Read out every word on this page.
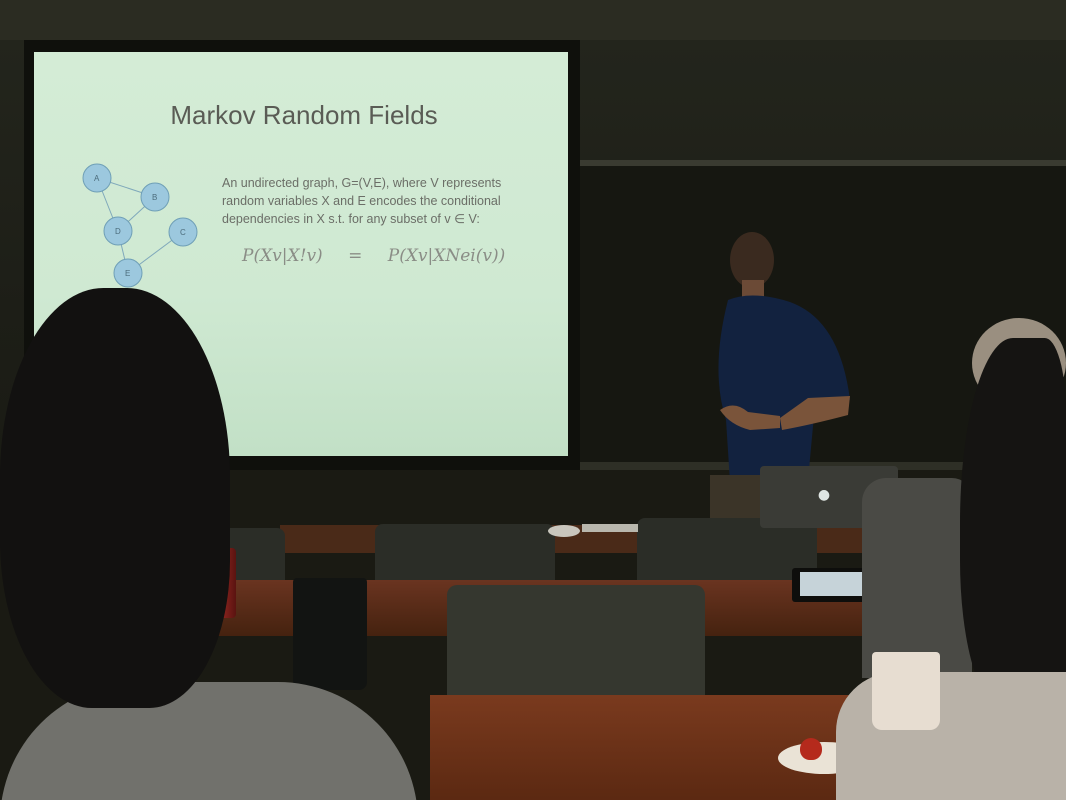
Markov Random Fields
A
B
D	C
E

An undirected graph, G=(V,E), where V represents

random variables X and E encodes the conditional

dependencies in X s.t. for any subset of v ∈ V:

P(Xv|X!v) = P(Xv|XNei(v))
●
